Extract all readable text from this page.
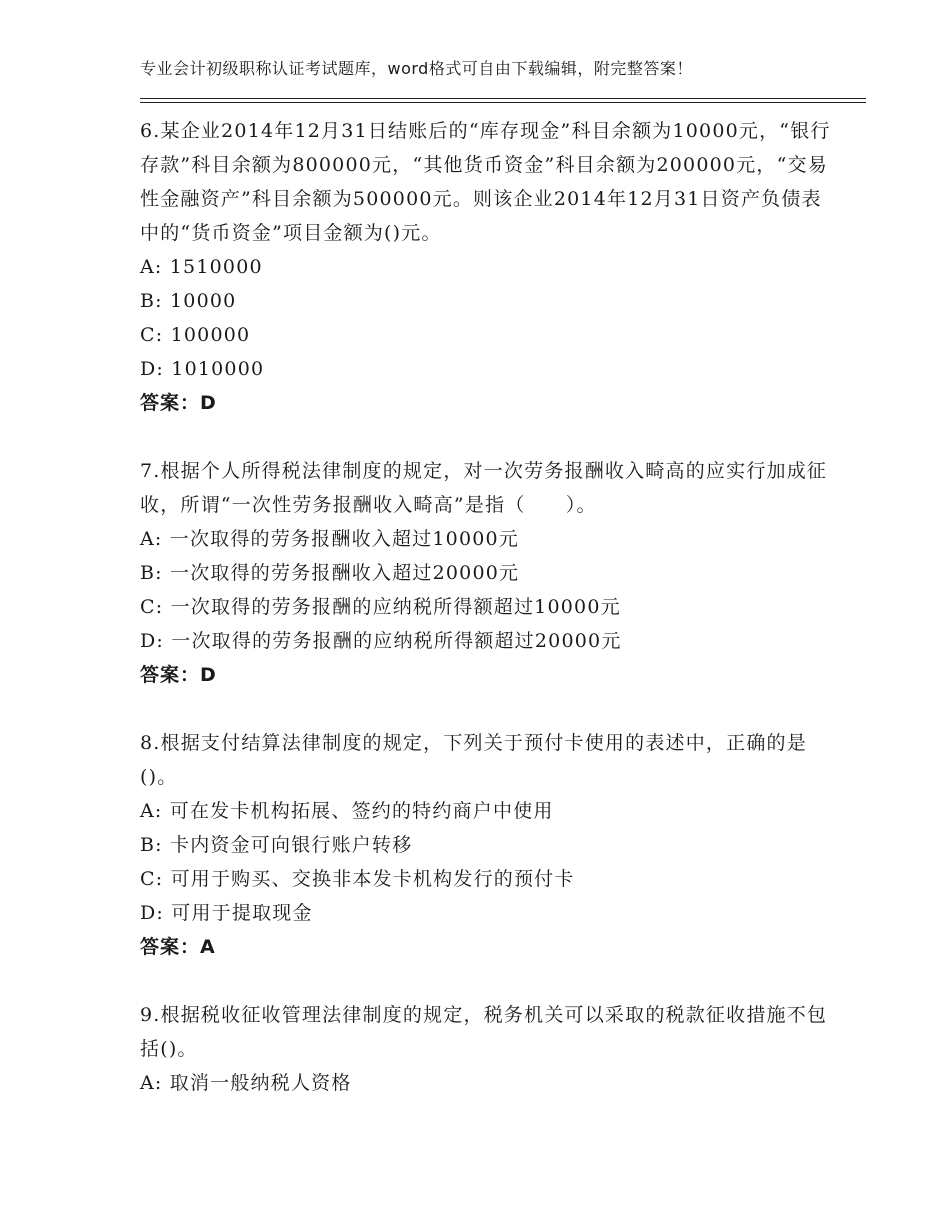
专业会计初级职称认证考试题库，word格式可自由下载编辑，附完整答案！

6.某企业2014年12月31日结账后的“库存现金”科目余额为10000元，“银行存款”科目余额为800000元，“其他货币资金”科目余额为200000元，“交易性金融资产”科目余额为500000元。则该企业2014年12月31日资产负债表中的“货币资金”项目金额为()元。

A: 1510000

B: 10000

C: 100000

D: 1010000

答案：D

7.根据个人所得税法律制度的规定，对一次劳务报酬收入畸高的应实行加成征收，所谓“一次性劳务报酬收入畸高”是指（　　）。

A: 一次取得的劳务报酬收入超过10000元

B: 一次取得的劳务报酬收入超过20000元

C: 一次取得的劳务报酬的应纳税所得额超过10000元

D: 一次取得的劳务报酬的应纳税所得额超过20000元

答案：D

8.根据支付结算法律制度的规定，下列关于预付卡使用的表述中，正确的是()。

A: 可在发卡机构拓展、签约的特约商户中使用

B: 卡内资金可向银行账户转移

C: 可用于购买、交换非本发卡机构发行的预付卡

D: 可用于提取现金

答案：A

9.根据税收征收管理法律制度的规定，税务机关可以采取的税款征收措施不包括()。

A: 取消一般纳税人资格
